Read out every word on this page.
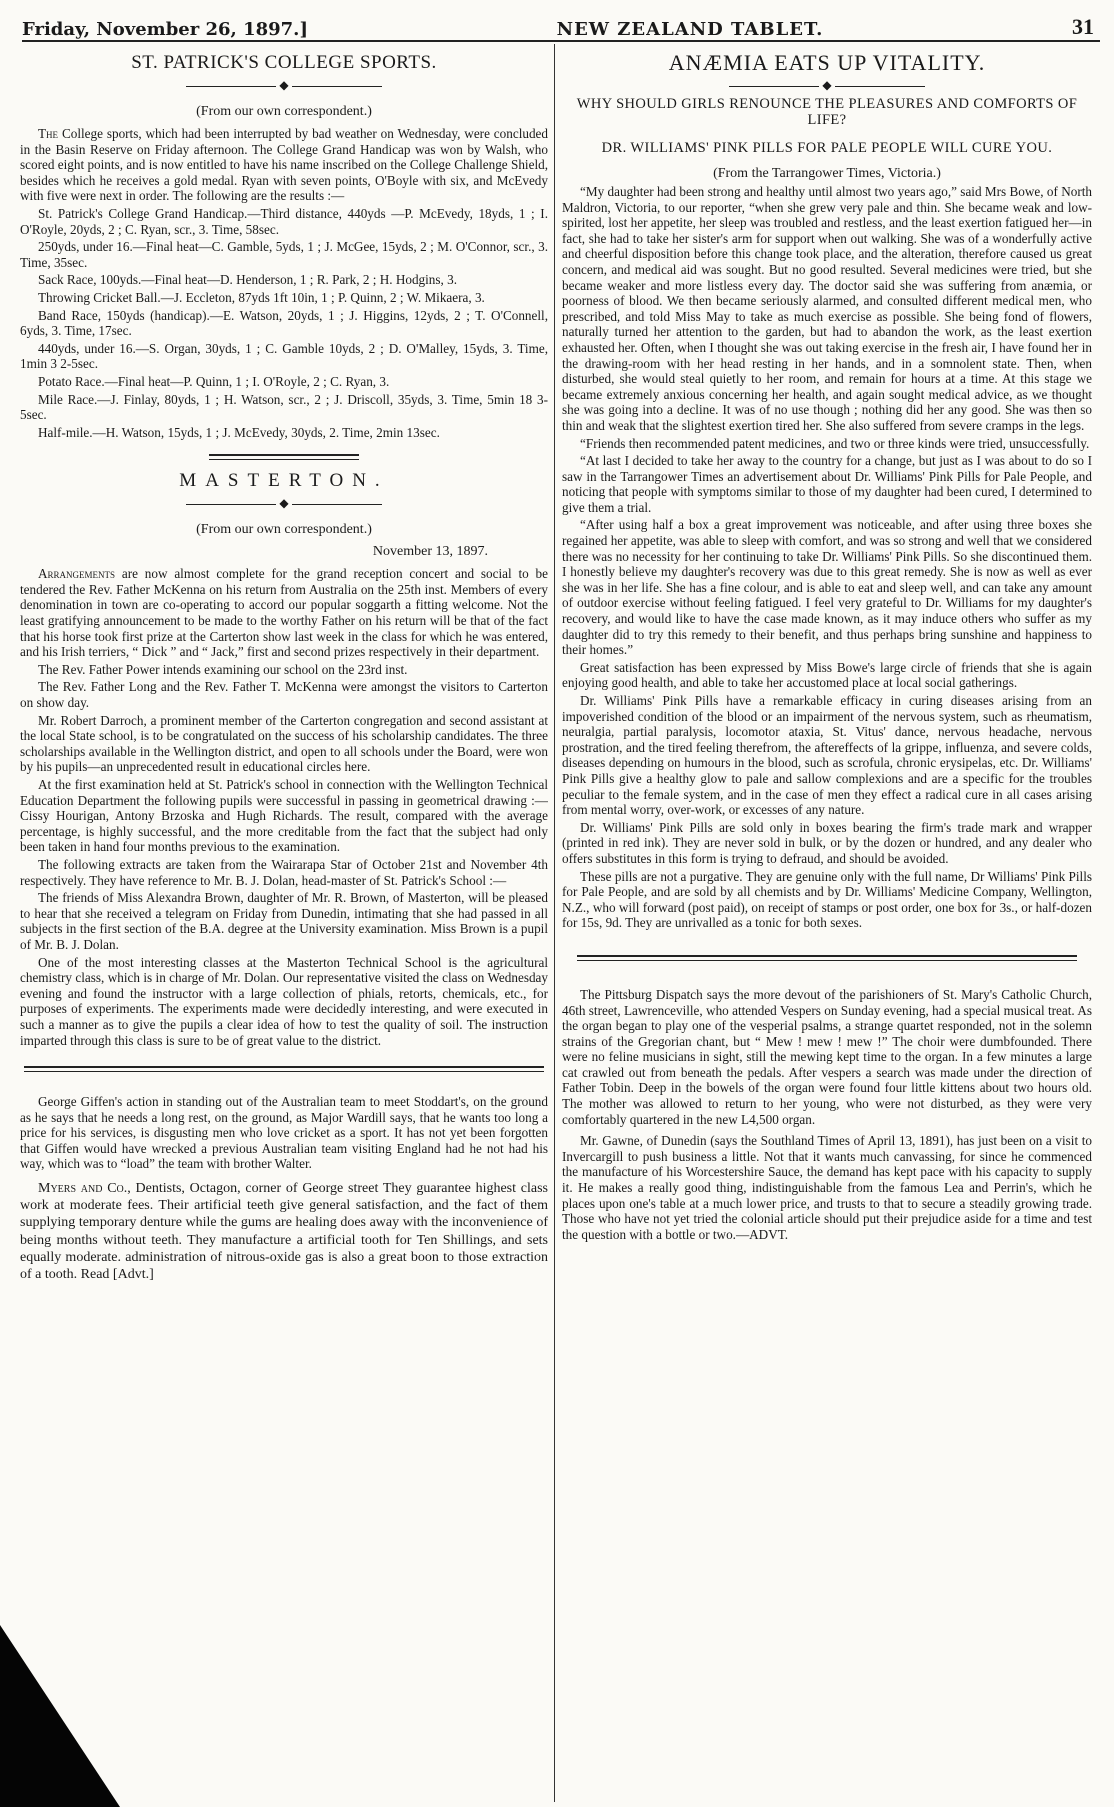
Friday, November 26, 1897.]	NEW ZEALAND TABLET.	31
ST. PATRICK'S COLLEGE SPORTS.
◆
(From our own correspondent.)

The College sports, which had been interrupted by bad weather on Wednesday, were concluded in the Basin Reserve on Friday afternoon. The College Grand Handicap was won by Walsh, who scored eight points, and is now entitled to have his name inscribed on the College Challenge Shield, besides which he receives a gold medal. Ryan with seven points, O'Boyle with six, and McEvedy with five were next in order. The following are the results :—

St. Patrick's College Grand Handicap.—Third distance, 440yds —P. McEvedy, 18yds, 1 ; I. O'Royle, 20yds, 2 ; C. Ryan, scr., 3. Time, 58sec.

250yds, under 16.—Final heat—C. Gamble, 5yds, 1 ; J. McGee, 15yds, 2 ; M. O'Connor, scr., 3. Time, 35sec.

Sack Race, 100yds.—Final heat—D. Henderson, 1 ; R. Park, 2 ; H. Hodgins, 3.

Throwing Cricket Ball.—J. Eccleton, 87yds 1ft 10in, 1 ; P. Quinn, 2 ; W. Mikaera, 3.

Band Race, 150yds (handicap).—E. Watson, 20yds, 1 ; J. Higgins, 12yds, 2 ; T. O'Connell, 6yds, 3. Time, 17sec.

440yds, under 16.—S. Organ, 30yds, 1 ; C. Gamble 10yds, 2 ; D. O'Malley, 15yds, 3. Time, 1min 3 2-5sec.

Potato Race.—Final heat—P. Quinn, 1 ; I. O'Royle, 2 ; C. Ryan, 3.

Mile Race.—J. Finlay, 80yds, 1 ; H. Watson, scr., 2 ; J. Driscoll, 35yds, 3. Time, 5min 18 3-5sec.

Half-mile.—H. Watson, 15yds, 1 ; J. McEvedy, 30yds, 2. Time, 2min 13sec.

MASTERTON.
◆
(From our own correspondent.)
November 13, 1897.

Arrangements are now almost complete for the grand reception concert and social to be tendered the Rev. Father McKenna on his return from Australia on the 25th inst. Members of every denomination in town are co-operating to accord our popular soggarth a fitting welcome. Not the least gratifying announcement to be made to the worthy Father on his return will be that of the fact that his horse took first prize at the Carterton show last week in the class for which he was entered, and his Irish terriers, “ Dick ” and “ Jack,” first and second prizes respectively in their department.

The Rev. Father Power intends examining our school on the 23rd inst.

The Rev. Father Long and the Rev. Father T. McKenna were amongst the visitors to Carterton on show day.

Mr. Robert Darroch, a prominent member of the Carterton congregation and second assistant at the local State school, is to be congratulated on the success of his scholarship candidates. The three scholarships available in the Wellington district, and open to all schools under the Board, were won by his pupils—an unprecedented result in educational circles here.

At the first examination held at St. Patrick's school in connection with the Wellington Technical Education Department the following pupils were successful in passing in geometrical drawing :—Cissy Hourigan, Antony Brzoska and Hugh Richards. The result, compared with the average percentage, is highly successful, and the more creditable from the fact that the subject had only been taken in hand four months previous to the examination.

The following extracts are taken from the Wairarapa Star of October 21st and November 4th respectively. They have reference to Mr. B. J. Dolan, head-master of St. Patrick's School :—

The friends of Miss Alexandra Brown, daughter of Mr. R. Brown, of Masterton, will be pleased to hear that she received a telegram on Friday from Dunedin, intimating that she had passed in all subjects in the first section of the B.A. degree at the University examination. Miss Brown is a pupil of Mr. B. J. Dolan.

One of the most interesting classes at the Masterton Technical School is the agricultural chemistry class, which is in charge of Mr. Dolan. Our representative visited the class on Wednesday evening and found the instructor with a large collection of phials, retorts, chemicals, etc., for purposes of experiments. The experiments made were decidedly interesting, and were executed in such a manner as to give the pupils a clear idea of how to test the quality of soil. The instruction imparted through this class is sure to be of great value to the district.

George Giffen's action in standing out of the Australian team to meet Stoddart's, on the ground as he says that he needs a long rest, on the ground, as Major Wardill says, that he wants too long a price for his services, is disgusting men who love cricket as a sport. It has not yet been forgotten that Giffen would have wrecked a previous Australian team visiting England had he not had his way, which was to “load” the team with brother Walter.

Myers and Co., Dentists, Octagon, corner of George street They guarantee highest class work at moderate fees. Their artificial teeth give general satisfaction, and the fact of them supplying temporary denture while the gums are healing does away with the inconvenience of being months without teeth. They manufacture a artificial tooth for Ten Shillings, and sets equally moderate. administration of nitrous-oxide gas is also a great boon to those extraction of a tooth. Read [Advt.]

ANÆMIA EATS UP VITALITY.
◆
WHY SHOULD GIRLS RENOUNCE THE PLEASURES AND COMFORTS OF LIFE?
DR. WILLIAMS' PINK PILLS FOR PALE PEOPLE WILL CURE YOU.
(From the Tarrangower Times, Victoria.)

“My daughter had been strong and healthy until almost two years ago,” said Mrs Bowe, of North Maldron, Victoria, to our reporter, “when she grew very pale and thin. She became weak and low-spirited, lost her appetite, her sleep was troubled and restless, and the least exertion fatigued her—in fact, she had to take her sister's arm for support when out walking. She was of a wonderfully active and cheerful disposition before this change took place, and the alteration, therefore caused us great concern, and medical aid was sought. But no good resulted. Several medicines were tried, but she became weaker and more listless every day. The doctor said she was suffering from anæmia, or poorness of blood. We then became seriously alarmed, and consulted different medical men, who prescribed, and told Miss May to take as much exercise as possible. She being fond of flowers, naturally turned her attention to the garden, but had to abandon the work, as the least exertion exhausted her. Often, when I thought she was out taking exercise in the fresh air, I have found her in the drawing-room with her head resting in her hands, and in a somnolent state. Then, when disturbed, she would steal quietly to her room, and remain for hours at a time. At this stage we became extremely anxious concerning her health, and again sought medical advice, as we thought she was going into a decline. It was of no use though ; nothing did her any good. She was then so thin and weak that the slightest exertion tired her. She also suffered from severe cramps in the legs.

“Friends then recommended patent medicines, and two or three kinds were tried, unsuccessfully.

“At last I decided to take her away to the country for a change, but just as I was about to do so I saw in the Tarrangower Times an advertisement about Dr. Williams' Pink Pills for Pale People, and noticing that people with symptoms similar to those of my daughter had been cured, I determined to give them a trial.

“After using half a box a great improvement was noticeable, and after using three boxes she regained her appetite, was able to sleep with comfort, and was so strong and well that we considered there was no necessity for her continuing to take Dr. Williams' Pink Pills. So she discontinued them. I honestly believe my daughter's recovery was due to this great remedy. She is now as well as ever she was in her life. She has a fine colour, and is able to eat and sleep well, and can take any amount of outdoor exercise without feeling fatigued. I feel very grateful to Dr. Williams for my daughter's recovery, and would like to have the case made known, as it may induce others who suffer as my daughter did to try this remedy to their benefit, and thus perhaps bring sunshine and happiness to their homes.”

Great satisfaction has been expressed by Miss Bowe's large circle of friends that she is again enjoying good health, and able to take her accustomed place at local social gatherings.

Dr. Williams' Pink Pills have a remarkable efficacy in curing diseases arising from an impoverished condition of the blood or an impairment of the nervous system, such as rheumatism, neuralgia, partial paralysis, locomotor ataxia, St. Vitus' dance, nervous headache, nervous prostration, and the tired feeling therefrom, the aftereffects of la grippe, influenza, and severe colds, diseases depending on humours in the blood, such as scrofula, chronic erysipelas, etc. Dr. Williams' Pink Pills give a healthy glow to pale and sallow complexions and are a specific for the troubles peculiar to the female system, and in the case of men they effect a radical cure in all cases arising from mental worry, over-work, or excesses of any nature.

Dr. Williams' Pink Pills are sold only in boxes bearing the firm's trade mark and wrapper (printed in red ink). They are never sold in bulk, or by the dozen or hundred, and any dealer who offers substitutes in this form is trying to defraud, and should be avoided.

These pills are not a purgative. They are genuine only with the full name, Dr Williams' Pink Pills for Pale People, and are sold by all chemists and by Dr. Williams' Medicine Company, Wellington, N.Z., who will forward (post paid), on receipt of stamps or post order, one box for 3s., or half-dozen for 15s, 9d. They are unrivalled as a tonic for both sexes.

The Pittsburg Dispatch says the more devout of the parishioners of St. Mary's Catholic Church, 46th street, Lawrenceville, who attended Vespers on Sunday evening, had a special musical treat. As the organ began to play one of the vesperial psalms, a strange quartet responded, not in the solemn strains of the Gregorian chant, but “ Mew ! mew ! mew !” The choir were dumbfounded. There were no feline musicians in sight, still the mewing kept time to the organ. In a few minutes a large cat crawled out from beneath the pedals. After vespers a search was made under the direction of Father Tobin. Deep in the bowels of the organ were found four little kittens about two hours old. The mother was allowed to return to her young, who were not disturbed, as they were very comfortably quartered in the new L4,500 organ.

Mr. Gawne, of Dunedin (says the Southland Times of April 13, 1891), has just been on a visit to Invercargill to push business a little. Not that it wants much canvassing, for since he commenced the manufacture of his Worcestershire Sauce, the demand has kept pace with his capacity to supply it. He makes a really good thing, indistinguishable from the famous Lea and Perrin's, which he places upon one's table at a much lower price, and trusts to that to secure a steadily growing trade. Those who have not yet tried the colonial article should put their prejudice aside for a time and test the question with a bottle or two.—ADVT.
